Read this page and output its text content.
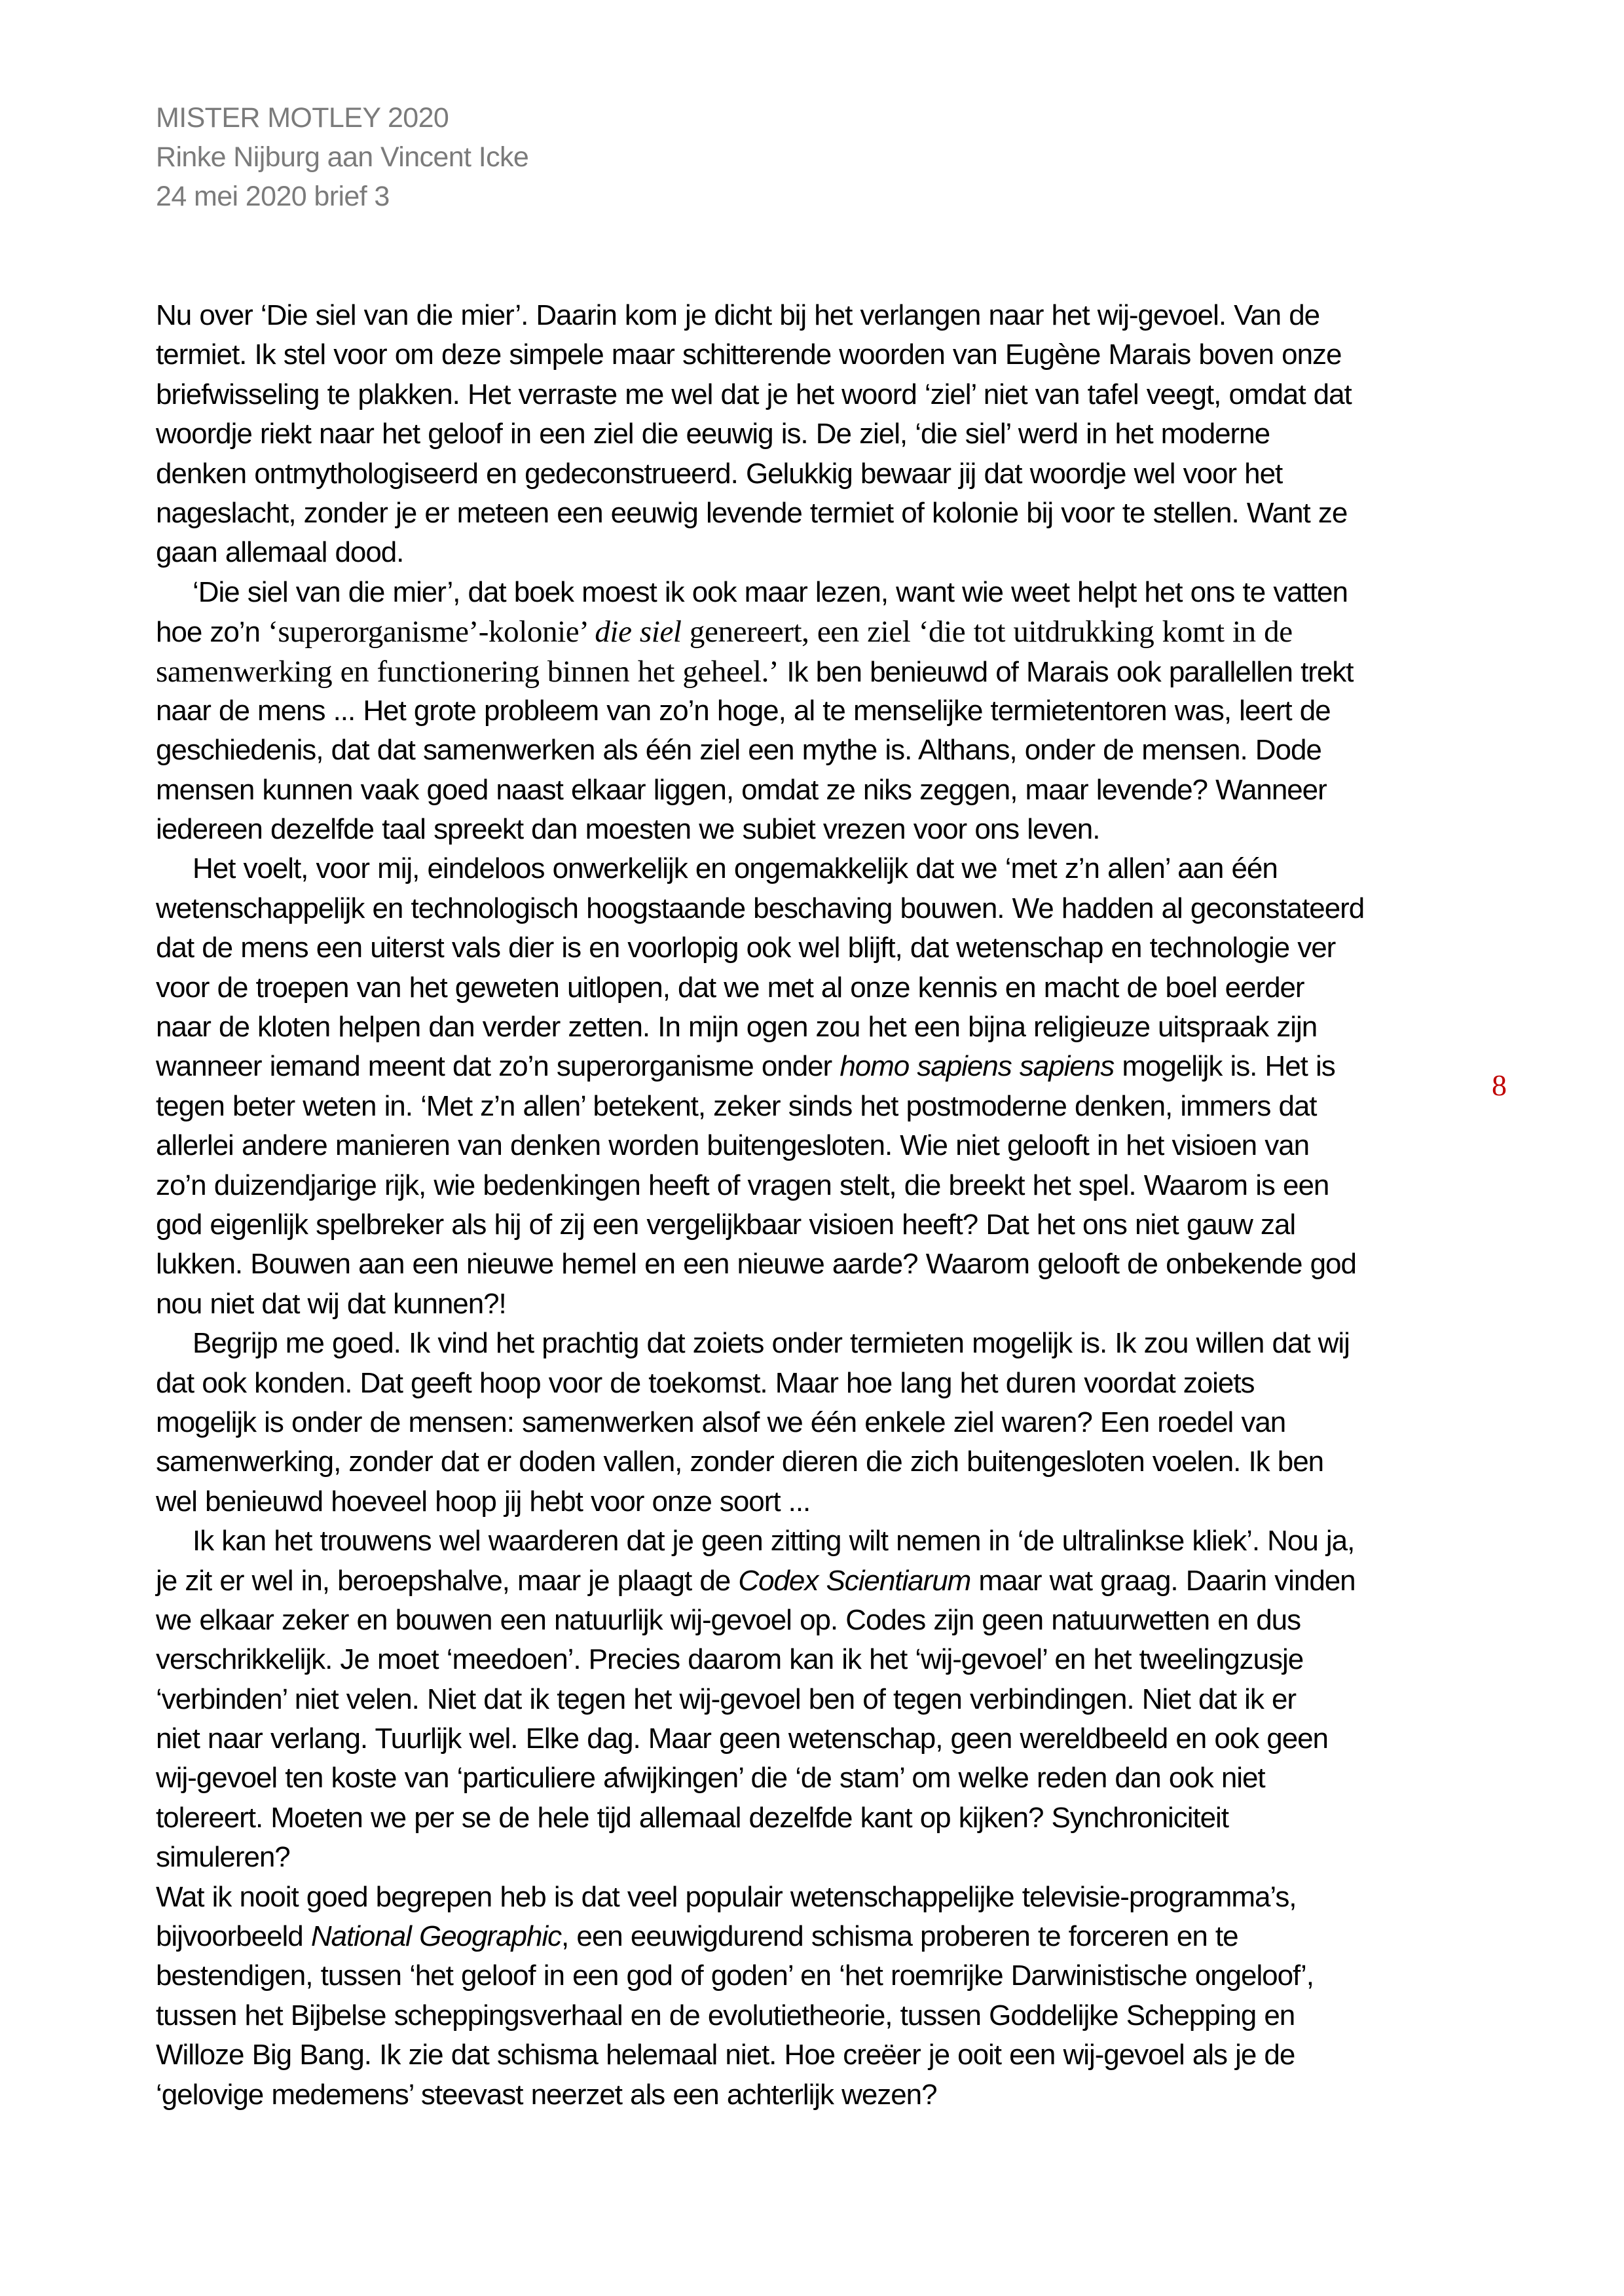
MISTER MOTLEY 2020
Rinke Nijburg aan Vincent Icke
24 mei 2020 brief 3
Nu over ‘Die siel van die mier’. Daarin kom je dicht bij het verlangen naar het wij-gevoel. Van de
termiet. Ik stel voor om deze simpele maar schitterende woorden van Eugène Marais boven onze
briefwisseling te plakken. Het verraste me wel dat je het woord ‘ziel’ niet van tafel veegt, omdat dat
woordje riekt naar het geloof in een ziel die eeuwig is. De ziel, ‘die siel’ werd in het moderne
denken ontmythologiseerd en gedeconstrueerd. Gelukkig bewaar jij dat woordje wel voor het
nageslacht, zonder je er meteen een eeuwig levende termiet of kolonie bij voor te stellen. Want ze
gaan allemaal dood.
‘Die siel van die mier’, dat boek moest ik ook maar lezen, want wie weet helpt het ons te vatten
hoe zo’n ‘superorganisme’-kolonie’ die siel genereert, een ziel ‘die tot uitdrukking komt in de
samenwerking en functionering binnen het geheel.’ Ik ben benieuwd of Marais ook parallellen trekt
naar de mens ... Het grote probleem van zo’n hoge, al te menselijke termietentoren was, leert de
geschiedenis, dat dat samenwerken als één ziel een mythe is. Althans, onder de mensen. Dode
mensen kunnen vaak goed naast elkaar liggen, omdat ze niks zeggen, maar levende? Wanneer
iedereen dezelfde taal spreekt dan moesten we subiet vrezen voor ons leven.
Het voelt, voor mij, eindeloos onwerkelijk en ongemakkelijk dat we ‘met z’n allen’ aan één
wetenschappelijk en technologisch hoogstaande beschaving bouwen. We hadden al geconstateerd
dat de mens een uiterst vals dier is en voorlopig ook wel blijft, dat wetenschap en technologie ver
voor de troepen van het geweten uitlopen, dat we met al onze kennis en macht de boel eerder
naar de kloten helpen dan verder zetten. In mijn ogen zou het een bijna religieuze uitspraak zijn
wanneer iemand meent dat zo’n superorganisme onder homo sapiens sapiens mogelijk is. Het is
tegen beter weten in. ‘Met z’n allen’ betekent, zeker sinds het postmoderne denken, immers dat
allerlei andere manieren van denken worden buitengesloten. Wie niet gelooft in het visioen van
zo’n duizendjarige rijk, wie bedenkingen heeft of vragen stelt, die breekt het spel. Waarom is een
god eigenlijk spelbreker als hij of zij een vergelijkbaar visioen heeft? Dat het ons niet gauw zal
lukken. Bouwen aan een nieuwe hemel en een nieuwe aarde? Waarom gelooft de onbekende god
nou niet dat wij dat kunnen?!
Begrijp me goed. Ik vind het prachtig dat zoiets onder termieten mogelijk is. Ik zou willen dat wij
dat ook konden. Dat geeft hoop voor de toekomst. Maar hoe lang het duren voordat zoiets
mogelijk is onder de mensen: samenwerken alsof we één enkele ziel waren? Een roedel van
samenwerking, zonder dat er doden vallen, zonder dieren die zich buitengesloten voelen. Ik ben
wel benieuwd hoeveel hoop jij hebt voor onze soort ...
Ik kan het trouwens wel waarderen dat je geen zitting wilt nemen in ‘de ultralinkse kliek’. Nou ja,
je zit er wel in, beroepshalve, maar je plaagt de Codex Scientiarum maar wat graag. Daarin vinden
we elkaar zeker en bouwen een natuurlijk wij-gevoel op. Codes zijn geen natuurwetten en dus
verschrikkelijk. Je moet ‘meedoen’. Precies daarom kan ik het ‘wij-gevoel’ en het tweelingzusje
‘verbinden’ niet velen. Niet dat ik tegen het wij-gevoel ben of tegen verbindingen. Niet dat ik er
niet naar verlang. Tuurlijk wel. Elke dag. Maar geen wetenschap, geen wereldbeeld en ook geen
wij-gevoel ten koste van ‘particuliere afwijkingen’ die ‘de stam’ om welke reden dan ook niet
tolereert. Moeten we per se de hele tijd allemaal dezelfde kant op kijken? Synchroniciteit
simuleren?
Wat ik nooit goed begrepen heb is dat veel populair wetenschappelijke televisie-programma’s,
bijvoorbeeld National Geographic, een eeuwigdurend schisma proberen te forceren en te
bestendigen, tussen ‘het geloof in een god of goden’ en ‘het roemrijke Darwinistische ongeloof’,
tussen het Bijbelse scheppingsverhaal en de evolutietheorie, tussen Goddelijke Schepping en
Willoze Big Bang. Ik zie dat schisma helemaal niet. Hoe creëer je ooit een wij-gevoel als je de
‘gelovige medemens’ steevast neerzet als een achterlijk wezen?
8
